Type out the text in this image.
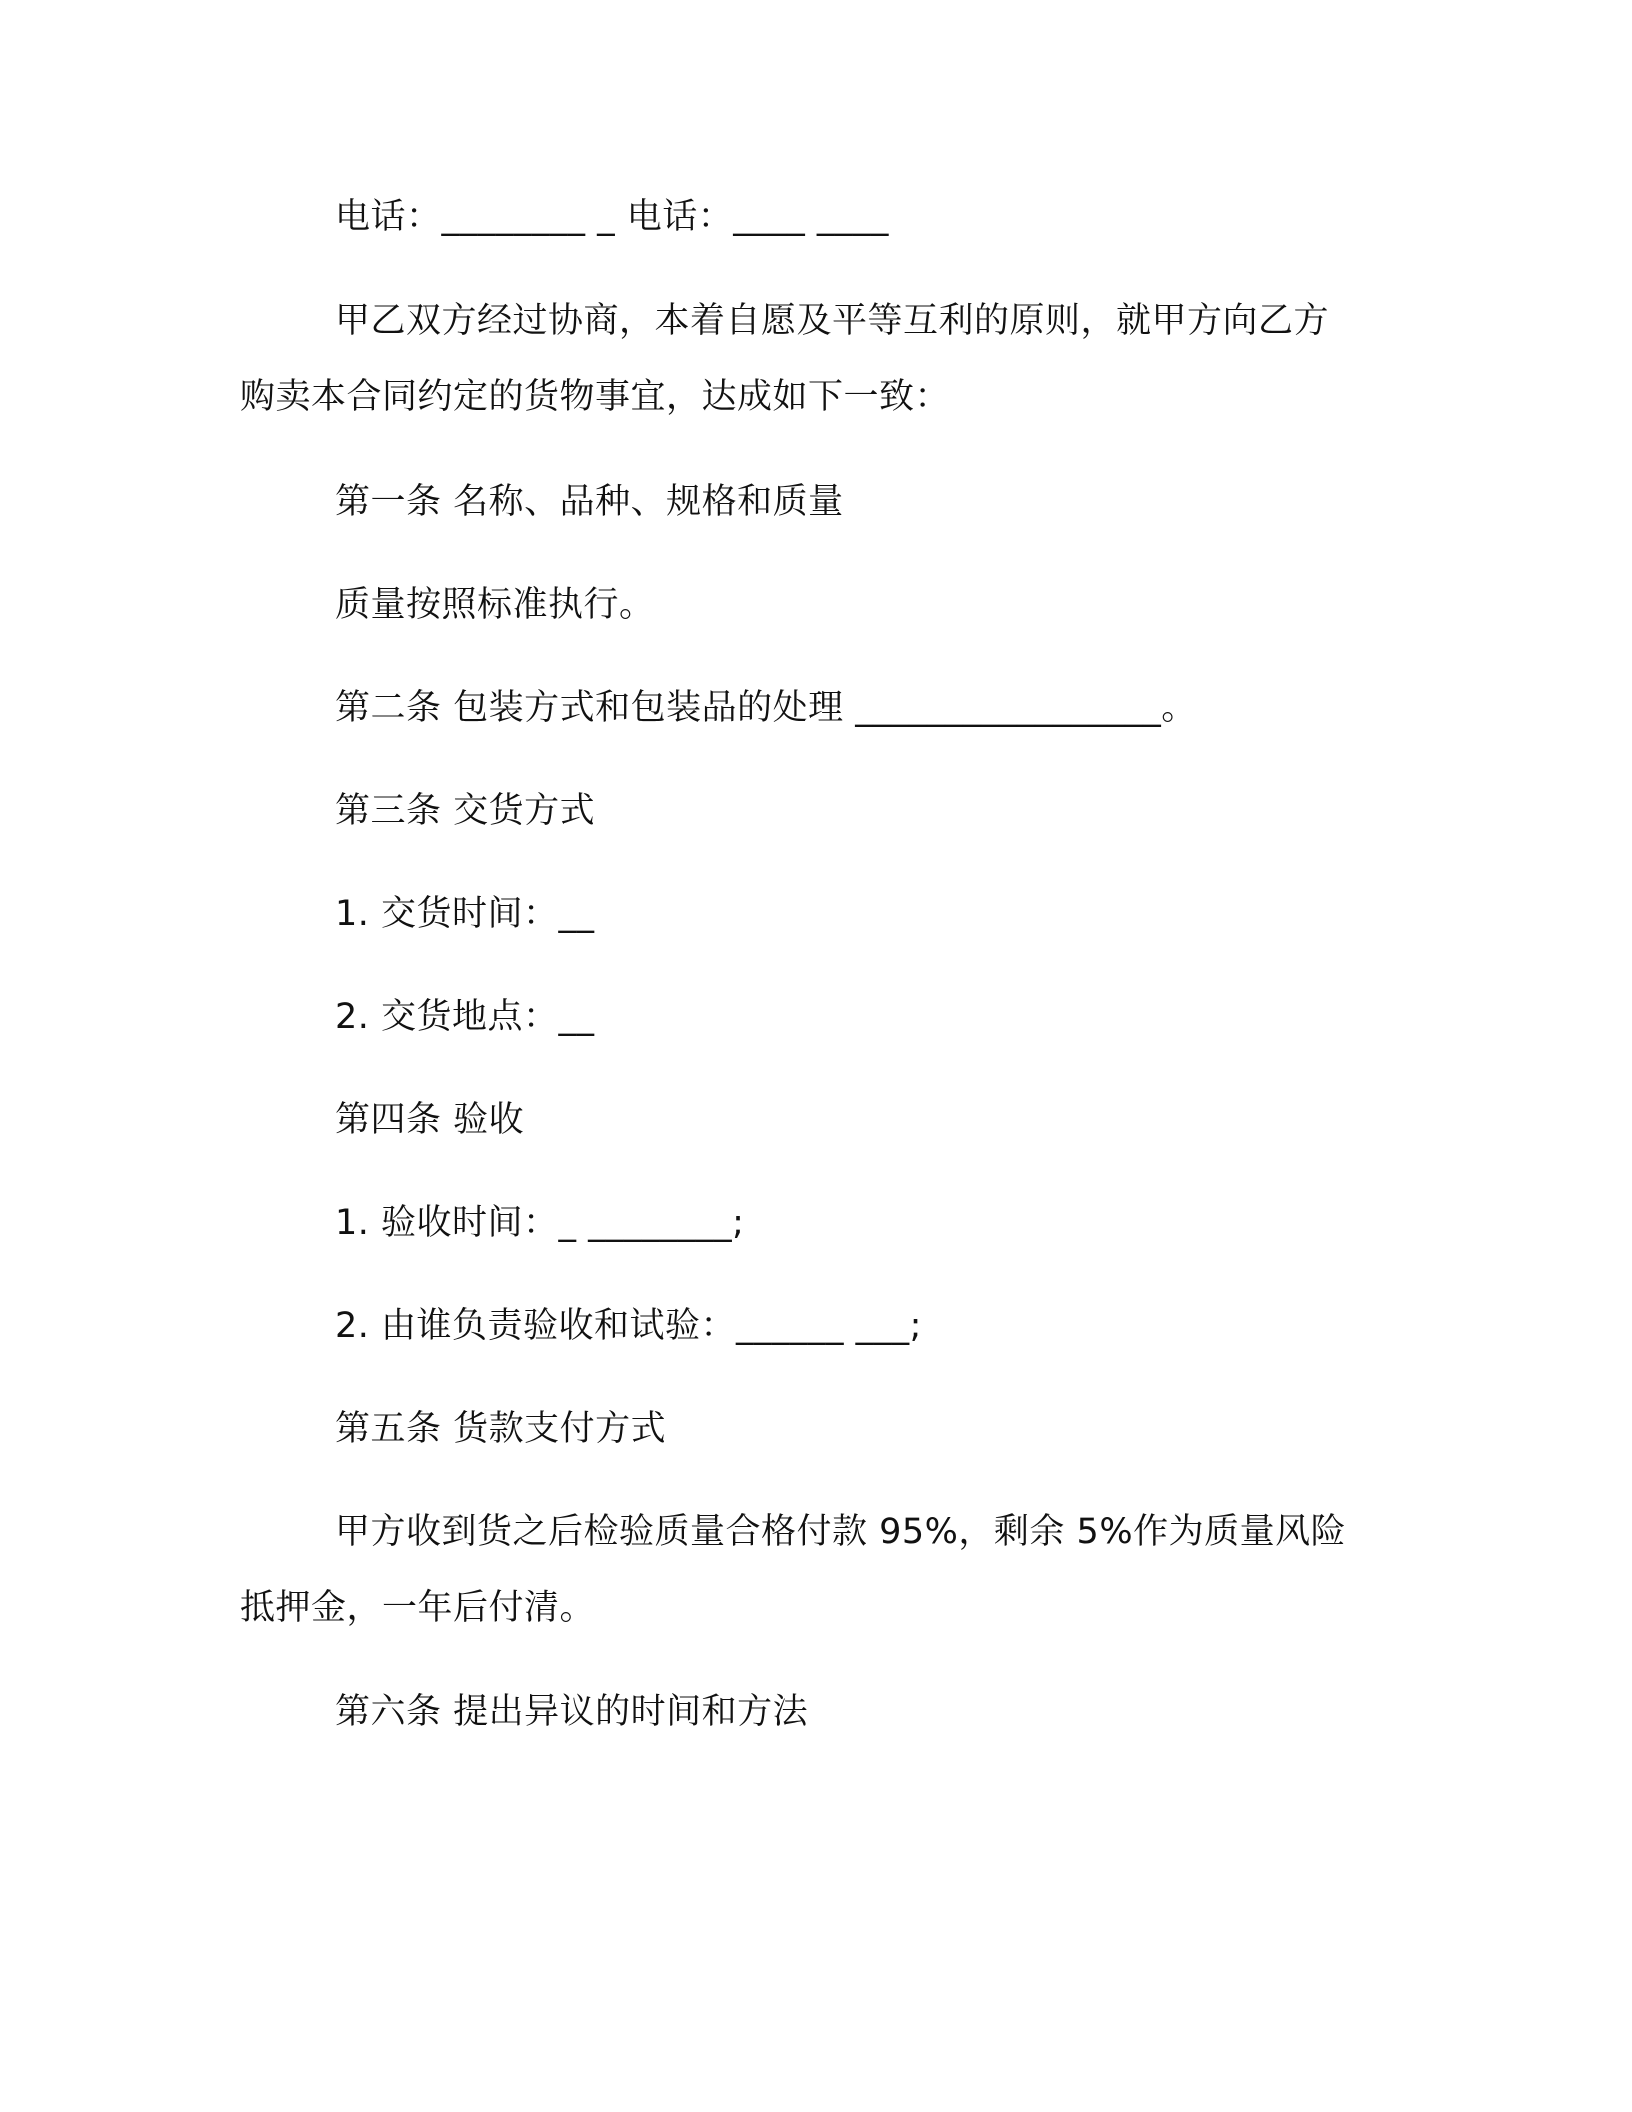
电话：________ _ 电话：____ ____
甲乙双方经过协商，本着自愿及平等互利的原则，就甲方向乙方
购卖本合同约定的货物事宜，达成如下一致：
第一条 名称、品种、规格和质量
质量按照标准执行。
第二条 包装方式和包装品的处理 _________________。
第三条 交货方式
1. 交货时间：__
2. 交货地点：__
第四条 验收
1. 验收时间：_ ________;
2. 由谁负责验收和试验：______ ___;
第五条 货款支付方式
甲方收到货之后检验质量合格付款 95%，剩余 5%作为质量风险
抵押金，一年后付清。
第六条 提出异议的时间和方法
